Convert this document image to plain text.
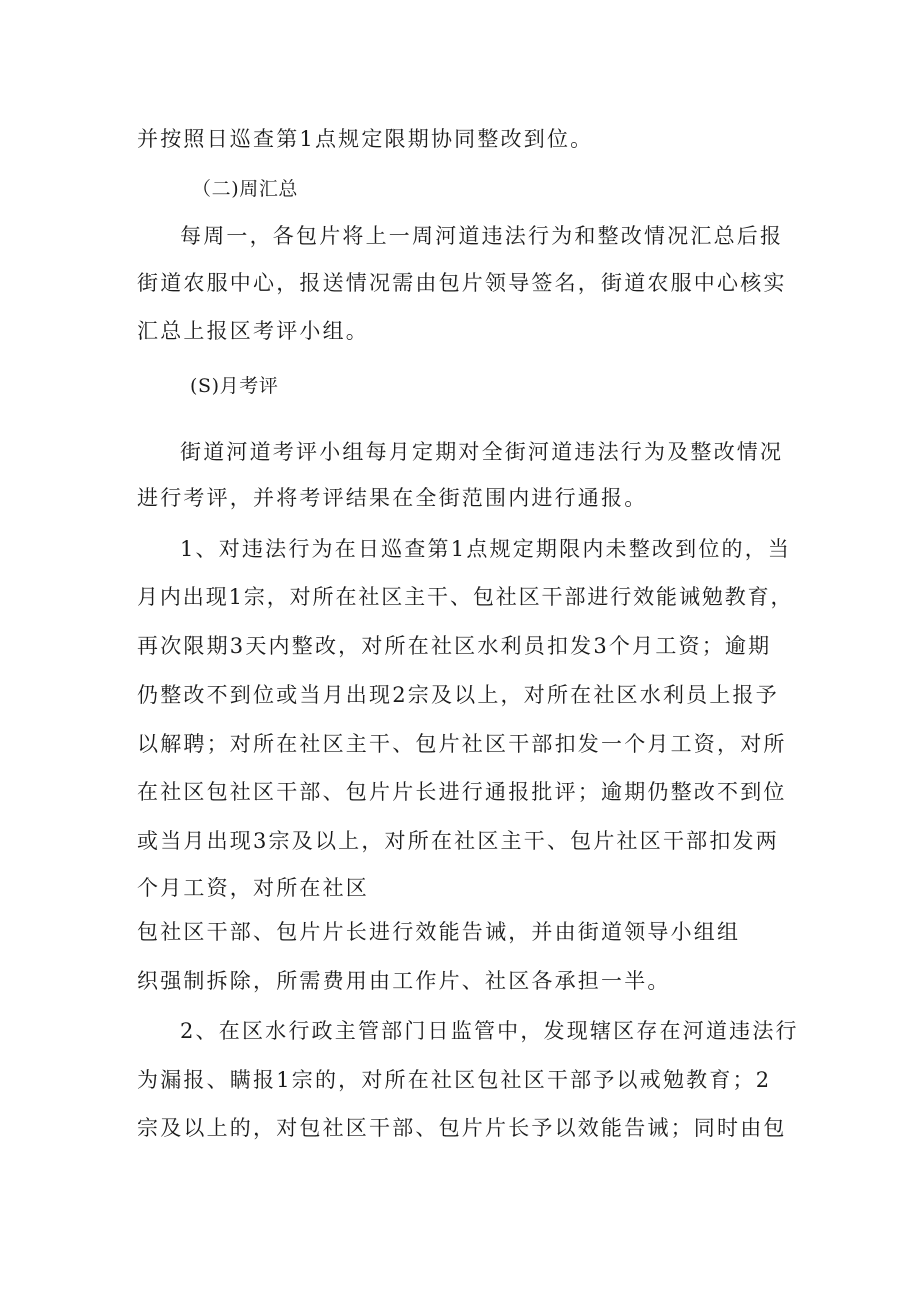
并按照日巡查第1点规定限期协同整改到位。

（二)周汇总

每周一，各包片将上一周河道违法行为和整改情况汇总后报

街道农服中心，报送情况需由包片领导签名，街道农服中心核实

汇总上报区考评小组。

(S)月考评

街道河道考评小组每月定期对全街河道违法行为及整改情况

进行考评，并将考评结果在全街范围内进行通报。

1、对违法行为在日巡查第1点规定期限内未整改到位的，当

月内出现1宗，对所在社区主干、包社区干部进行效能诫勉教育，

再次限期3天内整改，对所在社区水利员扣发3个月工资；逾期

仍整改不到位或当月出现2宗及以上，对所在社区水利员上报予

以解聘；对所在社区主干、包片社区干部扣发一个月工资，对所

在社区包社区干部、包片片长进行通报批评；逾期仍整改不到位

或当月出现3宗及以上，对所在社区主干、包片社区干部扣发两

个月工资，对所在社区

包社区干部、包片片长进行效能告诫，并由街道领导小组组

织强制拆除，所需费用由工作片、社区各承担一半。

2、在区水行政主管部门日监管中，发现辖区存在河道违法行

为漏报、瞒报1宗的，对所在社区包社区干部予以戒勉教育；2

宗及以上的，对包社区干部、包片片长予以效能告诫；同时由包
